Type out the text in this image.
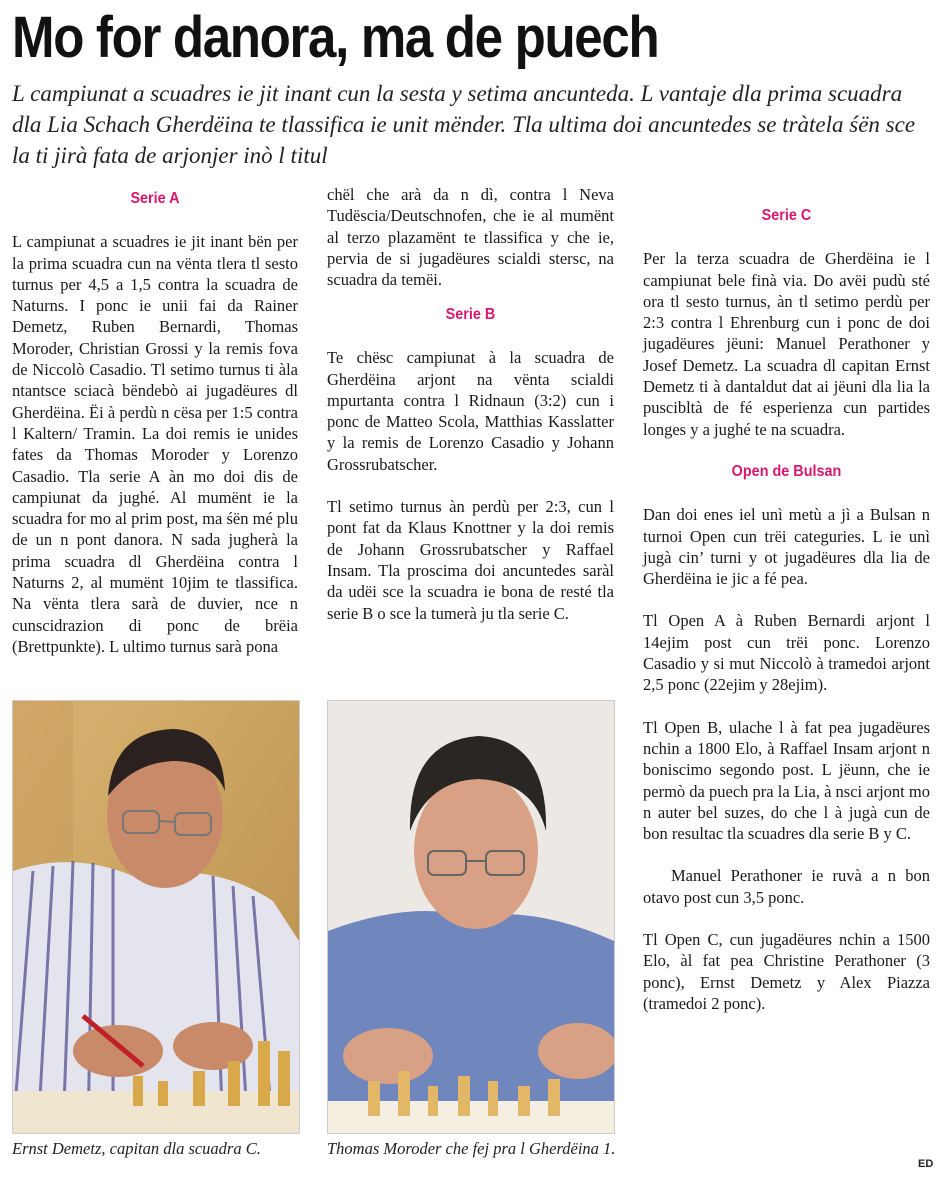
Mo for danora, ma de puech
L campiunat a scuadres ie jit inant cun la sesta y setima ancunteda. L vantaje dla prima scuadra dla Lia Schach Gherdëina te tlassifica ie unit mënder. Tla ultima doi ancuntedes se tràtela śën sce la ti jirà fata de arjonjer inò l titul
Serie A

L campiunat a scuadres ie jit inant bën per la prima scuadra cun na vënta tlera tl sesto turnus per 4,5 a 1,5 contra la scuadra de Naturns. I ponc ie unii fai da Rainer Demetz, Ruben Bernardi, Thomas Moroder, Christian Grossi y la remis fova de Niccolò Casadio. Tl setimo turnus ti àla ntantsce sciacà bëndebò ai jugadëures dl Gherdëina. Ëi à perdù n cësa per 1:5 contra l Kaltern/ Tramin. La doi remis ie unides fates da Thomas Moroder y Lorenzo Casadio. Tla serie A àn mo doi dis de campiunat da jughé. Al mumënt ie la scuadra for mo al prim post, ma śën mé plu de un n pont danora. N sada jugherà la prima scuadra dl Gherdëina contra l Naturns 2, al mumënt 10jim te tlassifica. Na vënta tlera sarà de duvier, nce n cunscidrazion di ponc de brëia (Brettpunkte). L ultimo turnus sarà pona

Serie B

Te chësc campiunat à la scuadra de Gherdëina arjont na vënta scialdi mpurtanta contra l Ridnaun (3:2) cun i ponc de Matteo Scola, Matthias Kasslatter y la remis de Lorenzo Casadio y Johann Grossrubatscher.

Tl setimo turnus àn perdù per 2:3, cun l pont fat da Klaus Knottner y la doi remis de Johann Grossrubatscher y Raffael Insam. Tla proscima doi ancuntedes saràl da udëi sce la scuadra ie bona de resté tla serie B o sce la tumerà ju tla serie C.

Serie C

Per la terza scuadra de Gherdëina ie l campiunat bele finà via. Do avëi pudù sté ora tl sesto turnus, àn tl setimo perdù per 2:3 contra l Ehrenburg cun i ponc de doi jugadëures jëuni: Manuel Perathoner y Josef Demetz. La scuadra dl capitan Ernst Demetz ti à dantaldut dat ai jëuni dla lia la puscibltà de fé esperienza cun partides longes y a jughé te na scuadra.

Open de Bulsan

Dan doi enes iel unì metù a jì a Bulsan n turnoi Open cun trëi categuries. L ie unì jugà cin’ turni y ot jugadëures dla lia de Gherdëina ie jic a fé pea.

Tl Open A à Ruben Bernardi arjont l 14ejim post cun trëi ponc. Lorenzo Casadio y si mut Niccolò à tramedoi arjont 2,5 ponc (22ejim y 28ejim).

Tl Open B, ulache l à fat pea jugadëures nchin a 1800 Elo, à Raffael Insam arjont n boniscimo segondo post. L jëunn, che ie permò da puech pra la Lia, à nsci arjont mo n auter bel suzes, do che l à jugà cun de bon resultac tla scuadres dla serie B y C.

Manuel Perathoner ie ruvà a n bon otavo post cun 3,5 ponc.

Tl Open C, cun jugadëures nchin a 1500 Elo, àl fat pea Christine Perathoner (3 ponc), Ernst Demetz y Alex Piazza (tramedoi 2 ponc).

Ernst Demetz, capitan dla scuadra C.	Thomas Moroder che fej pra l Gherdëina 1.
ED
chël che arà da n dì, contra l Neva Tudëscia/Deutschnofen, che ie al mumënt al terzo plazamënt te tlassifica y che ie, pervia de si jugadëures scialdi stersc, na scuadra da temëi.
